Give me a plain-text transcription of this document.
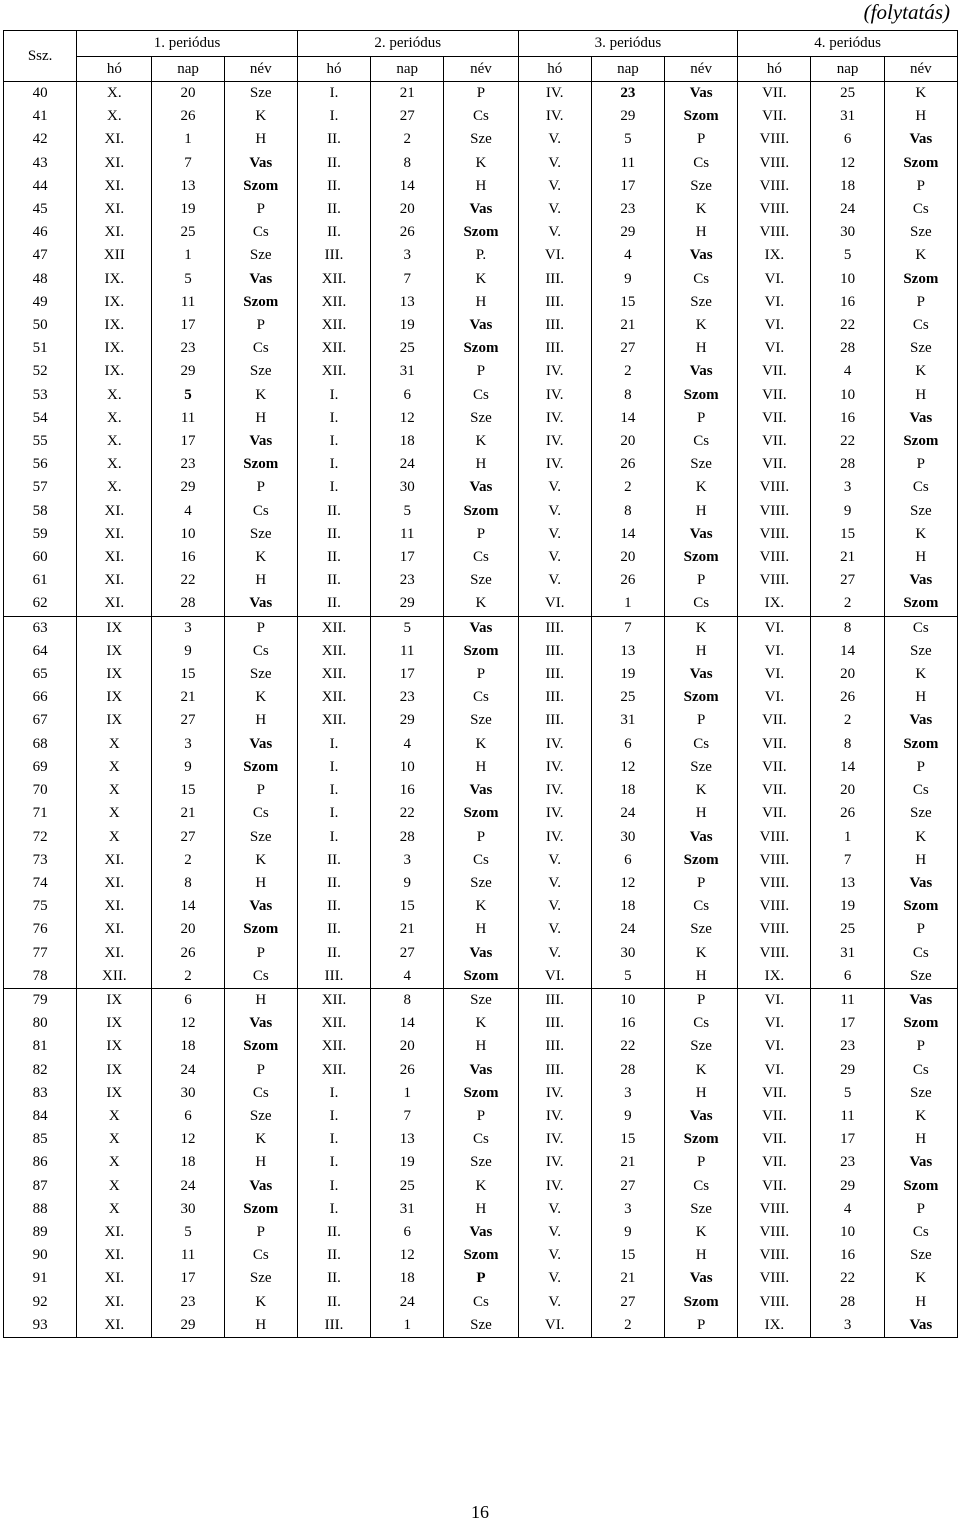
(folytatás)
Ssz.	1. periódus			2. periódus			3. periódus			4. periódus		
	hó	nap	név	hó	nap	név	hó	nap	név	hó	nap	név
40	X.	20	Sze	I.	21	P	IV.	23	Vas	VII.	25	K
41	X.	26	K	I.	27	Cs	IV.	29	Szom	VII.	31	H
42	XI.	1	H	II.	2	Sze	V.	5	P	VIII.	6	Vas
43	XI.	7	Vas	II.	8	K	V.	11	Cs	VIII.	12	Szom
44	XI.	13	Szom	II.	14	H	V.	17	Sze	VIII.	18	P
45	XI.	19	P	II.	20	Vas	V.	23	K	VIII.	24	Cs
46	XI.	25	Cs	II.	26	Szom	V.	29	H	VIII.	30	Sze
47	XII	1	Sze	III.	3	P.	VI.	4	Vas	IX.	5	K
48	IX.	5	Vas	XII.	7	K	III.	9	Cs	VI.	10	Szom
49	IX.	11	Szom	XII.	13	H	III.	15	Sze	VI.	16	P
50	IX.	17	P	XII.	19	Vas	III.	21	K	VI.	22	Cs
51	IX.	23	Cs	XII.	25	Szom	III.	27	H	VI.	28	Sze
52	IX.	29	Sze	XII.	31	P	IV.	2	Vas	VII.	4	K
53	X.	5	K	I.	6	Cs	IV.	8	Szom	VII.	10	H
54	X.	11	H	I.	12	Sze	IV.	14	P	VII.	16	Vas
55	X.	17	Vas	I.	18	K	IV.	20	Cs	VII.	22	Szom
56	X.	23	Szom	I.	24	H	IV.	26	Sze	VII.	28	P
57	X.	29	P	I.	30	Vas	V.	2	K	VIII.	3	Cs
58	XI.	4	Cs	II.	5	Szom	V.	8	H	VIII.	9	Sze
59	XI.	10	Sze	II.	11	P	V.	14	Vas	VIII.	15	K
60	XI.	16	K	II.	17	Cs	V.	20	Szom	VIII.	21	H
61	XI.	22	H	II.	23	Sze	V.	26	P	VIII.	27	Vas
62	XI.	28	Vas	II.	29	K	VI.	1	Cs	IX.	2	Szom
63	IX	3	P	XII.	5	Vas	III.	7	K	VI.	8	Cs
64	IX	9	Cs	XII.	11	Szom	III.	13	H	VI.	14	Sze
65	IX	15	Sze	XII.	17	P	III.	19	Vas	VI.	20	K
66	IX	21	K	XII.	23	Cs	III.	25	Szom	VI.	26	H
67	IX	27	H	XII.	29	Sze	III.	31	P	VII.	2	Vas
68	X	3	Vas	I.	4	K	IV.	6	Cs	VII.	8	Szom
69	X	9	Szom	I.	10	H	IV.	12	Sze	VII.	14	P
70	X	15	P	I.	16	Vas	IV.	18	K	VII.	20	Cs
71	X	21	Cs	I.	22	Szom	IV.	24	H	VII.	26	Sze
72	X	27	Sze	I.	28	P	IV.	30	Vas	VIII.	1	K
73	XI.	2	K	II.	3	Cs	V.	6	Szom	VIII.	7	H
74	XI.	8	H	II.	9	Sze	V.	12	P	VIII.	13	Vas
75	XI.	14	Vas	II.	15	K	V.	18	Cs	VIII.	19	Szom
76	XI.	20	Szom	II.	21	H	V.	24	Sze	VIII.	25	P
77	XI.	26	P	II.	27	Vas	V.	30	K	VIII.	31	Cs
78	XII.	2	Cs	III.	4	Szom	VI.	5	H	IX.	6	Sze
79	IX	6	H	XII.	8	Sze	III.	10	P	VI.	11	Vas
80	IX	12	Vas	XII.	14	K	III.	16	Cs	VI.	17	Szom
81	IX	18	Szom	XII.	20	H	III.	22	Sze	VI.	23	P
82	IX	24	P	XII.	26	Vas	III.	28	K	VI.	29	Cs
83	IX	30	Cs	I.	1	Szom	IV.	3	H	VII.	5	Sze
84	X	6	Sze	I.	7	P	IV.	9	Vas	VII.	11	K
85	X	12	K	I.	13	Cs	IV.	15	Szom	VII.	17	H
86	X	18	H	I.	19	Sze	IV.	21	P	VII.	23	Vas
87	X	24	Vas	I.	25	K	IV.	27	Cs	VII.	29	Szom
88	X	30	Szom	I.	31	H	V.	3	Sze	VIII.	4	P
89	XI.	5	P	II.	6	Vas	V.	9	K	VIII.	10	Cs
90	XI.	11	Cs	II.	12	Szom	V.	15	H	VIII.	16	Sze
91	XI.	17	Sze	II.	18	P	V.	21	Vas	VIII.	22	K
92	XI.	23	K	II.	24	Cs	V.	27	Szom	VIII.	28	H
93	XI.	29	H	III.	1	Sze	VI.	2	P	IX.	3	Vas
16
